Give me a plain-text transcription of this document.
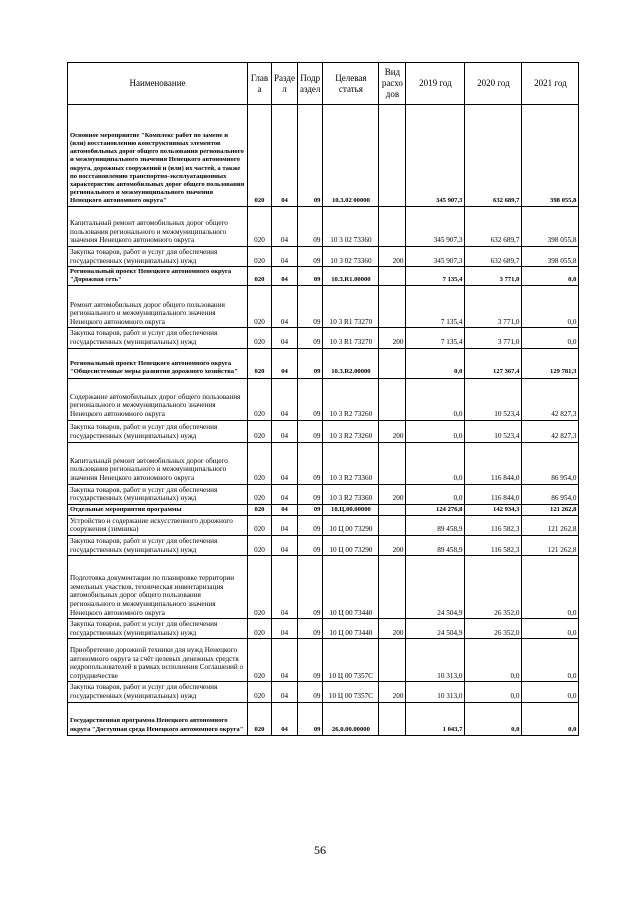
Наименование	Глав а	Разде л	Подр аздел	Целевая статья	Вид расхо дов	2019 год	2020 год	2021 год
Основное мероприятие "Комплекс работ по замене и (или) восстановлению конструктивных элементов автомобильных дорог общего пользования регионального и межмуниципального значения Ненецкого автономного округа, дорожных сооружений и (или) их частей, а также по восстановлению транспортно-эксплуатационных характеристик автомобильных дорог общего пользования регионального и межмуниципального значения Ненецкого автономного округа"	020	04	09	10.3.02 00000		345 907,3	632 689,7	398 055,8
Капитальный ремонт автомобильных дорог общего пользования регионального и межмуниципального значения Ненецкого автономного округа	020	04	09	10 3 02 73360		345 907,3	632 689,7	398 055,8
Закупка товаров, работ и услуг для обеспечения государственных (муниципальных) нужд	020	04	09	10 3 02 73360	200	345 907,3	632 689,7	398 055,8
Региональный проект Ненецкого автономного округа "Дорожная сеть"	020	04	09	10.3.R1.00000		7 135,4	3 771,0	0,0
Ремонт автомобильных дорог общего пользования регионального и межмуниципального значения Ненецкого автономного округа	020	04	09	10 3 R1 73270		7 135,4	3 771,0	0,0
Закупка товаров, работ и услуг для обеспечения государственных (муниципальных) нужд	020	04	09	10 3 R1 73270	200	7 135,4	3 771,0	0,0
Региональный проект Ненецкого автономного округа "Общесистемные меры развития дорожного хозяйства"	020	04	09	10.3.R2.00000		0,0	127 367,4	129 781,3
Содержание автомобильных дорог общего пользования регионального и межмуниципального значения Ненецкого автономного округа	020	04	09	10 3 R2 73260		0,0	10 523,4	42 827,3
Закупка товаров, работ и услуг для обеспечения государственных (муниципальных) нужд	020	04	09	10 3 R2 73260	200	0,0	10 523,4	42 827,3
Капитальный ремонт автомобильных дорог общего пользования регионального и межмуниципального значения Ненецкого автономного округа	020	04	09	10 3 R2 73360		0,0	116 844,0	86 954,0
Закупка товаров, работ и услуг для обеспечения государственных (муниципальных) нужд	020	04	09	10 3 R2 73360	200	0,0	116 844,0	86 954,0
Отдельные мероприятия программы	020	04	09	10.Ц.00.00000		124 276,8	142 934,3	121 262,8
Устройство и содержание искусственного дорожного сооружения (зимника)	020	04	09	10 Ц 00 73290		89 458,9	116 582,3	121 262,8
Закупка товаров, работ и услуг для обеспечения государственных (муниципальных) нужд	020	04	09	10 Ц 00 73290	200	89 458,9	116 582,3	121 262,8
Подготовка документации по планировке территории земельных участков, техническая инвентаризация автомобильных дорог общего пользования регионального и межмуниципального значения Ненецкого автономного округа	020	04	09	10 Ц 00 73440		24 504,9	26 352,0	0,0
Закупка товаров, работ и услуг для обеспечения государственных (муниципальных) нужд	020	04	09	10 Ц 00 73440	200	24 504,9	26 352,0	0,0
Приобретение дорожной техники для нужд Ненецкого автономного округа за счёт целевых денежных средств недропользователей в рамках исполнения Соглашений о сотрудничестве	020	04	09	10 Ц 00 7357С		10 313,0	0,0	0,0
Закупка товаров, работ и услуг для обеспечения государственных (муниципальных) нужд	020	04	09	10 Ц 00 7357С	200	10 313,0	0,0	0,0
Государственная программа Ненецкого автономного округа "Доступная среда Ненецкого автономного округа"	020	04	09	26.0.00.00000		1 043,7	0,0	0,0
56
